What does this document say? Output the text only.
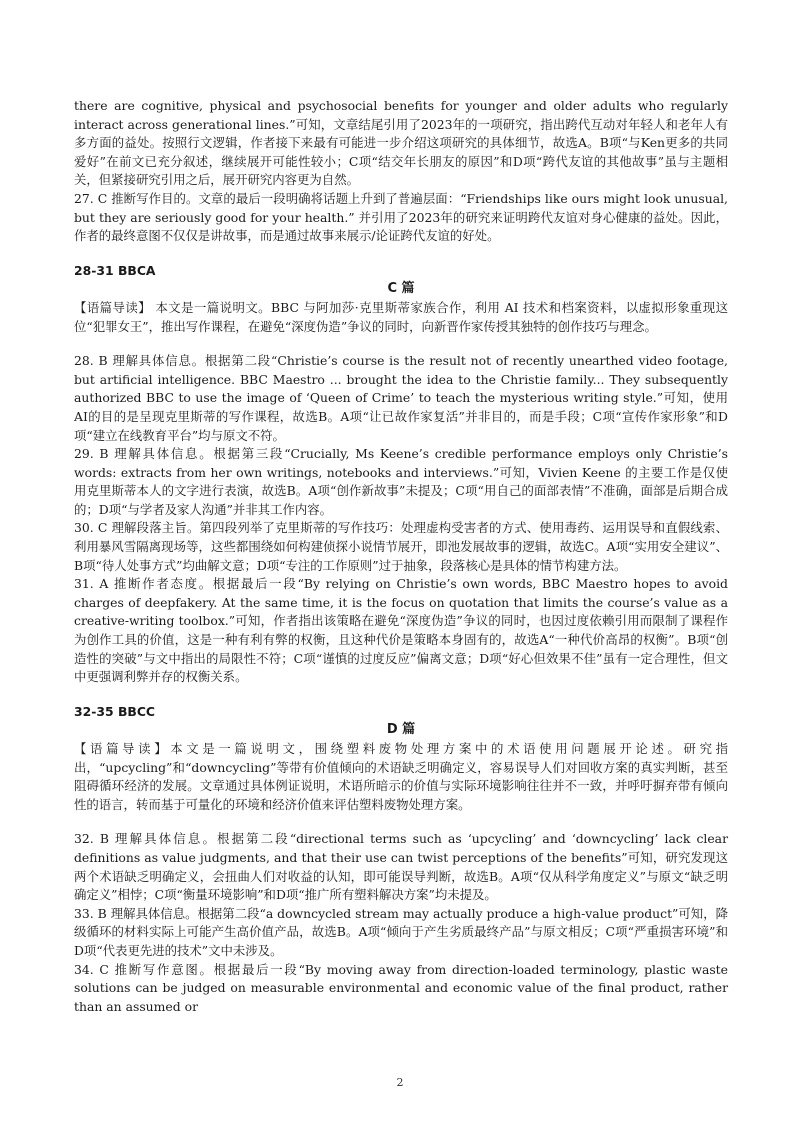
there are cognitive, physical and psychosocial benefits for younger and older adults who regularly interact across generational lines.”可知，文章结尾引用了2023年的一项研究，指出跨代互动对年轻人和老年人有多方面的益处。按照行文逻辑，作者接下来最有可能进一步介绍这项研究的具体细节，故选A。B项“与Ken更多的共同爱好”在前文已充分叙述，继续展开可能性较小；C项“结交年长朋友的原因”和D项“跨代友谊的其他故事”虽与主题相关，但紧接研究引用之后，展开研究内容更为自然。

27. C 推断写作目的。文章的最后一段明确将话题上升到了普遍层面：“Friendships like ours might look unusual, but they are seriously good for your health.” 并引用了2023年的研究来证明跨代友谊对身心健康的益处。因此，作者的最终意图不仅仅是讲故事，而是通过故事来展示/论证跨代友谊的好处。

28-31 BBCA

C 篇

【语篇导读】 本文是一篇说明文。BBC 与阿加莎·克里斯蒂家族合作，利用 AI 技术和档案资料，以虚拟形象重现这位“犯罪女王”，推出写作课程，在避免“深度伪造”争议的同时，向新晋作家传授其独特的创作技巧与理念。

28. B 理解具体信息。根据第二段“Christie’s course is the result not of recently unearthed video footage, but artificial intelligence. BBC Maestro ... brought the idea to the Christie family... They subsequently authorized BBC to use the image of ‘Queen of Crime’ to teach the mysterious writing style.”可知，使用AI的目的是呈现克里斯蒂的写作课程，故选B。A项“让已故作家复活”并非目的，而是手段；C项“宣传作家形象”和D项“建立在线教育平台”均与原文不符。

29. B 理解具体信息。根据第三段“Crucially, Ms Keene’s credible performance employs only Christie’s words: extracts from her own writings, notebooks and interviews.”可知，Vivien Keene 的主要工作是仅使用克里斯蒂本人的文字进行表演，故选B。A项“创作新故事”未提及；C项“用自己的面部表情”不准确，面部是后期合成的；D项“与学者及家人沟通”并非其工作内容。

30. C 理解段落主旨。第四段列举了克里斯蒂的写作技巧：处理虚构受害者的方式、使用毒药、运用误导和直假线索、利用暴风雪隔离现场等，这些都围绕如何构建侦探小说情节展开，即池发展故事的逻辑，故选C。A项“实用安全建议”、B项“待人处事方式”均曲解文意；D项“专注的工作原则”过于抽象，段落核心是具体的情节构建方法。

31. A 推断作者态度。根据最后一段“By relying on Christie’s own words, BBC Maestro hopes to avoid charges of deepfakery. At the same time, it is the focus on quotation that limits the course’s value as a creative-writing toolbox.”可知，作者指出该策略在避免“深度伪造”争议的同时，也因过度依赖引用而限制了课程作为创作工具的价值，这是一种有利有弊的权衡，且这种代价是策略本身固有的，故选A“一种代价高昂的权衡”。B项“创造性的突破”与文中指出的局限性不符；C项“谨慎的过度反应”偏离文意；D项“好心但效果不佳”虽有一定合理性，但文中更强调利弊并存的权衡关系。

32-35 BBCC

D 篇

【语篇导读】本文是一篇说明文，围绕塑料废物处理方案中的术语使用问题展开论述。研究指出，“upcycling”和“downcycling”等带有价值倾向的术语缺乏明确定义，容易误导人们对回收方案的真实判断，甚至阻碍循环经济的发展。文章通过具体例证说明，术语所暗示的价值与实际环境影响往往并不一致，并呼吁摒弃带有倾向性的语言，转而基于可量化的环境和经济价值来评估塑料废物处理方案。

32. B 理解具体信息。根据第二段“directional terms such as ‘upcycling’ and ‘downcycling’ lack clear definitions as value judgments, and that their use can twist perceptions of the benefits”可知，研究发现这两个术语缺乏明确定义，会扭曲人们对收益的认知，即可能误导判断，故选B。A项“仅从科学角度定义”与原文“缺乏明确定义”相悖；C项“衡量环境影响”和D项“推广所有塑料解决方案”均未提及。

33. B 理解具体信息。根据第二段“a downcycled stream may actually produce a high-value product”可知，降级循环的材料实际上可能产生高价值产品，故选B。A项“倾向于产生劣质最终产品”与原文相反；C项“严重损害环境”和D项“代表更先进的技术”文中未涉及。

34. C 推断写作意图。根据最后一段“By moving away from direction-loaded terminology, plastic waste solutions can be judged on measurable environmental and economic value of the final product, rather than an assumed or

2
